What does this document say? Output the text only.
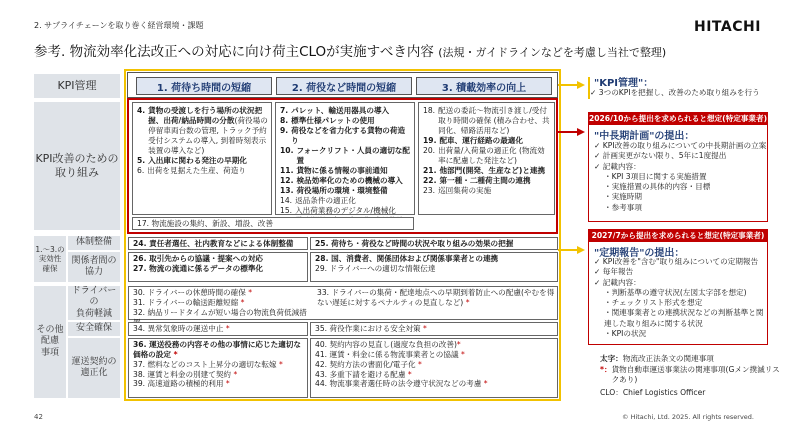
2. サプライチェーンを取り巻く経営環境・課題	HITACHI
参考. 物流効率化法改正への対応に向け荷主CLOが実施すべき内容 (法規・ガイドラインなどを考慮し当社で整理)
KPI管理
KPI改善のための
取り組み
1.～3.の
実効性
確保
体制整備
関係者間の
協力
その他
配慮
事項
ドライバーの
負荷軽減
安全確保
運送契約の
適正化
1. 荷待ち時間の短縮	2. 荷役など時間の短縮	3. 積載効率の向上
4. 貨物の受渡しを行う場所の状況把握、出荷/納品時間の分散(荷役場の停留車両台数の管理, トラック予約受付システムの導入, 到着時刻表示装置の導入など)
5. 入出庫に関わる発注の早期化
6. 出荷を見据えた生産、荷造り
7. パレット、輸送用器具の導入
8. 標準仕様パレットの使用
9. 荷役などを省力化する貨物の荷造り
10. フォークリフト・人員の適切な配置
11. 貨物に係る情報の事前通知
12. 検品効率化のための機械の導入
13. 荷役場所の環境・環境整備
14. 返品条件の適正化
15. 入出荷業務のデジタル/機械化
18. 配送の委託～物流引き渡し/受付取り時間の確保 (積み合わせ、共同化、帰路活用など)
19. 配車、運行経路の最適化
20. 出荷量/入荷量の適正化 (物流効率に配慮した発注など)
21. 他部門(開発、生産など)と連携
22. 第一種・二種荷主間の連携
23. 巡回集荷の実施
17. 物流施設の集約、新設、増設、改善
24. 責任者選任、社内教育などによる体制整備	25. 荷待ち・荷役など時間の状況や取り組みの効果の把握
26. 取引先からの協議・提案への対応
27. 物流の流通に係るデータの標準化
28. 国、消費者、関係団体および関係事業者との連携
29. ドライバーへの適切な情報伝達
30. ドライバーの休憩時間の確保 *
31. ドライバーの輸送距離短縮 *
32. 納品リードタイムが短い場合の物流負荷低減措
33. ドライバーの集荷・配達地点への早期到着防止への配慮(やむを得ない遅延に対するペナルティの見直しなど) *
34. 異常気象時の運送中止 *	35. 荷役作業における安全対策 *
36. 運送役務の内容その他の事情に応じた適切な価格の設定 *
37. 燃料などのコスト上昇分の適切な転嫁 *
38. 運賃と料金の別建て契約 *
39. 高速道路の積極的利用 *
40. 契約内容の見直し(過度な負担の改善)*
41. 運賃・料金に係る物流事業者との協議 *
42. 契約方法の書面化/電子化 *
43. 多重下請を避ける配慮 *
44. 物流事業者選任時の法令遵守状況などの考慮 *
"KPI管理"：
✓ 3つのKPIを把握し、改善のため取り組みを行う
2026/10から提出を求められると想定(特定事業者)
"中長期計画"の提出：
✓ KPI改善の取り組みについての中長期計画の立案
✓ 計画実更がない限り、5年に1度提出
✓ 記載内容：
・KPI 3項目に関する実施措置
・実施措置の具体的内容・目標
・実施時期
・参考事項
2027/7から提出を求められると想定(特定事業者)
"定期報告"の提出：
✓ KPI改善を"含む"取り組みについての定期報告
✓ 毎年報告
✓ 記載内容：
・判断基準の遵守状況(左図太字部を想定)
・チェックリスト形式を想定
・関連事業者との連携状況などの判断基準と関連した取り組みに関する状況
・KPIの状況
太字：物流改正法条文の関連事項
*： 貨物自動車運送事業法の関連事項(Gメン撲滅リスクあり)
CLO：Chief Logistics Officer
42	© Hitachi, Ltd. 2025. All rights reserved.
